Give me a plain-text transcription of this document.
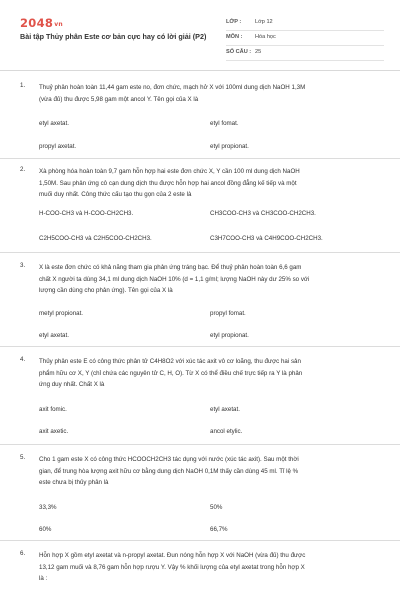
2048vn
Bài tập Thủy phân Este cơ bản cực hay có lời giải (P2)
LỚP : Lớp 12
MÔN : Hóa học
SỐ CÂU : 25
1. Thuỷ phân hoàn toàn 11,44 gam este no, đơn chức, mạch hở X với 100ml dung dịch NaOH 1,3M
(vừa đủ) thu được 5,98 gam một ancol Y. Tên gọi của X là
etyl axetat.	etyl fomat.
propyl axetat.	etyl propionat.
2. Xà phòng hóa hoàn toàn 9,7 gam hỗn hợp hai este đơn chức X, Y cần 100 ml dung dịch NaOH
1,50M. Sau phản ứng cô cạn dung dịch thu được hỗn hợp hai ancol đồng đẳng kế tiếp và một
muối duy nhất. Công thức cấu tạo thu gọn của 2 este là
H-COO-CH3 và H-COO-CH2CH3.	CH3COO-CH3 và CH3COO-CH2CH3.
C2H5COO-CH3 và C2H5COO-CH2CH3.	C3H7COO-CH3 và C4H9COO-CH2CH3.
3. X là este đơn chức có khả năng tham gia phản ứng tráng bạc. Để thuỷ phân hoàn toàn 6,6 gam
chất X người ta dùng 34,1 ml dung dịch NaOH 10% (d = 1,1 g/ml; lượng NaOH này dư 25% so với
lượng cần dùng cho phản ứng). Tên gọi của X là
metyl propionat.	propyl fomat.
etyl axetat.	etyl propionat.
4. Thủy phân este E có công thức phân tử C4H8O2 với xúc tác axit vô cơ loãng, thu được hai sản
phẩm hữu cơ X, Y (chỉ chứa các nguyên tử C, H, O). Từ X có thể điều chế trực tiếp ra Y là phản
ứng duy nhất. Chất X là
axit fomic.	etyl axetat.
axit axetic.	ancol etylic.
5. Cho 1 gam este X có công thức HCOOCH2CH3 tác dụng với nước (xúc tác axit). Sau một thời
gian, để trung hòa lượng axit hữu cơ bằng dung dịch NaOH 0,1M thấy cần dùng 45 ml. Tỉ lệ %
este chưa bị thủy phân là
33,3%	50%
60%	66,7%
6. Hỗn hợp X gồm etyl axetat và n-propyl axetat. Đun nóng hỗn hợp X với NaOH (vừa đủ) thu được
13,12 gam muối và 8,76 gam hỗn hợp rượu Y. Vậy % khối lượng của etyl axetat trong hỗn hợp X
là :
